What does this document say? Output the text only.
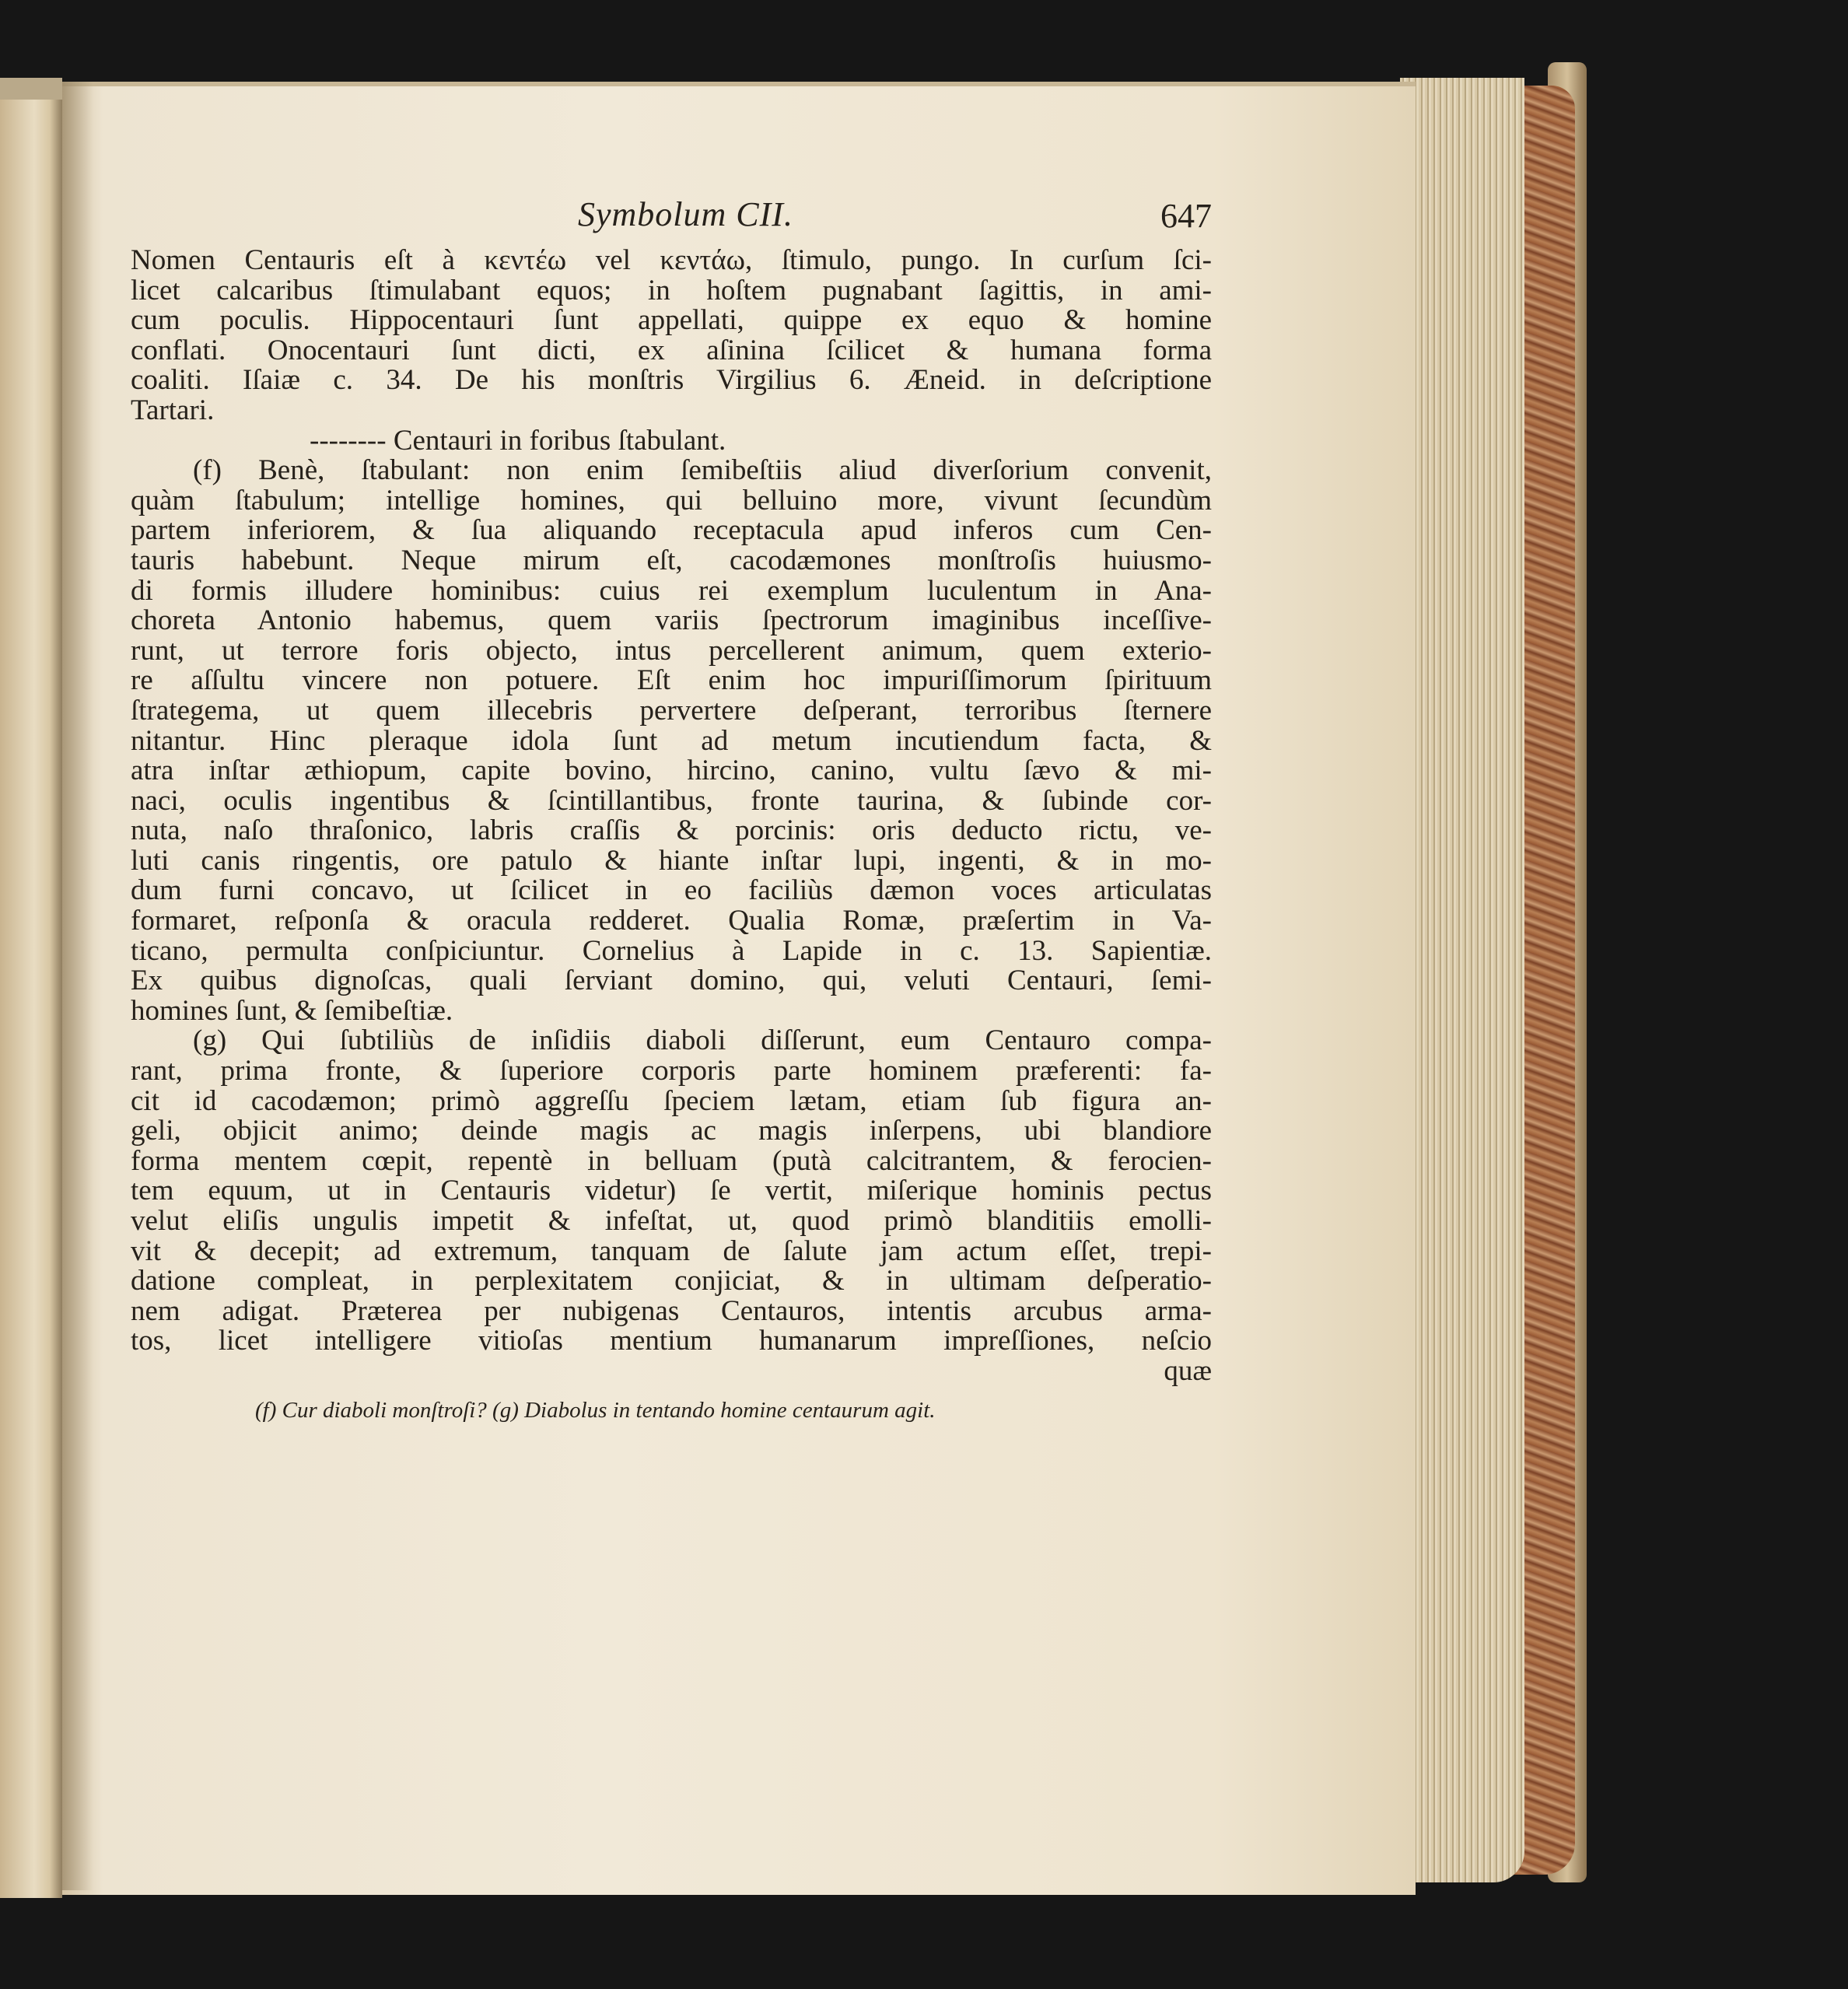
Symbolum CII.	647
Nomen Centauris eſt à κεντέω vel κεντάω, ſtimulo, pungo. In curſum ſci-
licet calcaribus ſtimulabant equos; in hoſtem pugnabant ſagittis, in ami-
cum poculis. Hippocentauri ſunt appellati, quippe ex equo & homine
conflati. Onocentauri ſunt dicti, ex aſinina ſcilicet & humana forma
coaliti. Iſaiæ c. 34. De his monſtris Virgilius 6. Æneid. in deſcriptione
Tartari.
-------- Centauri in foribus ſtabulant.
(f) Benè, ſtabulant: non enim ſemibeſtiis aliud diverſorium convenit,
quàm ſtabulum; intellige homines, qui belluino more, vivunt ſecundùm
partem inferiorem, & ſua aliquando receptacula apud inferos cum Cen-
tauris habebunt. Neque mirum eſt, cacodæmones monſtroſis huiusmo-
di formis illudere hominibus: cuius rei exemplum luculentum in Ana-
choreta Antonio habemus, quem variis ſpectrorum imaginibus inceſſive-
runt, ut terrore foris objecto, intus percellerent animum, quem exterio-
re aſſultu vincere non potuere. Eſt enim hoc impuriſſimorum ſpirituum
ſtrategema, ut quem illecebris pervertere deſperant, terroribus ſternere
nitantur. Hinc pleraque idola ſunt ad metum incutiendum facta, &
atra inſtar æthiopum, capite bovino, hircino, canino, vultu ſævo & mi-
naci, oculis ingentibus & ſcintillantibus, fronte taurina, & ſubinde cor-
nuta, naſo thraſonico, labris craſſis & porcinis: oris deducto rictu, ve-
luti canis ringentis, ore patulo & hiante inſtar lupi, ingenti, & in mo-
dum furni concavo, ut ſcilicet in eo faciliùs dæmon voces articulatas
formaret, reſponſa & oracula redderet. Qualia Romæ, præſertim in Va-
ticano, permulta conſpiciuntur. Cornelius à Lapide in c. 13. Sapientiæ.
Ex quibus dignoſcas, quali ſerviant domino, qui, veluti Centauri, ſemi-
homines ſunt, & ſemibeſtiæ.
(g) Qui ſubtiliùs de inſidiis diaboli diſſerunt, eum Centauro compa-
rant, prima fronte, & ſuperiore corporis parte hominem præferenti: fa-
cit id cacodæmon; primò aggreſſu ſpeciem lætam, etiam ſub figura an-
geli, objicit animo; deinde magis ac magis inſerpens, ubi blandiore
forma mentem cœpit, repentè in belluam (putà calcitrantem, & ferocien-
tem equum, ut in Centauris videtur) ſe vertit, miſerique hominis pectus
velut eliſis ungulis impetit & infeſtat, ut, quod primò blanditiis emolli-
vit & decepit; ad extremum, tanquam de ſalute jam actum eſſet, trepi-
datione compleat, in perplexitatem conjiciat, & in ultimam deſperatio-
nem adigat. Præterea per nubigenas Centauros, intentis arcubus arma-
tos, licet intelligere vitioſas mentium humanarum impreſſiones, neſcio
quæ
(f) Cur diaboli monſtroſi? (g) Diabolus in tentando homine centaurum agit.
